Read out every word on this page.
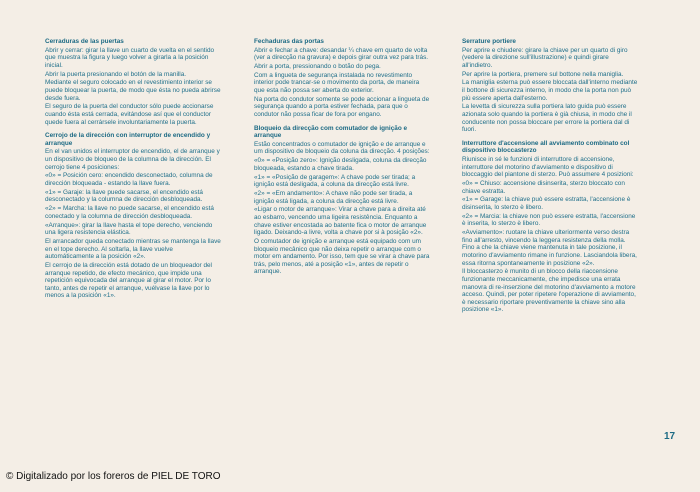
Cerraduras de las puertas
Abrir y cerrar: girar la llave un cuarto de vuelta en el sentido que muestra la figura y luego volver a girarla a la posición inicial.
Abrir la puerta presionando el botón de la manilla.
Mediante el seguro colocado en el revestimiento interior se puede bloquear la puerta, de modo que ésta no pueda abrirse desde fuera.
El seguro de la puerta del conductor sólo puede accionarse cuando ésta está cerrada, evitándose así que el conductor quede fuera al cerrársele involuntariamente la puerta.
Cerrojo de la dirección con interruptor de encendido y arranque
En el van unidos el interruptor de encendido, el de arranque y un dispositivo de bloqueo de la columna de la dirección. El cerrojo tiene 4 posiciones:
«0» = Posición cero: encendido desconectado, columna de dirección bloqueada - estando la llave fuera.
«1» = Garaje: la llave puede sacarse, el encendido está desconectado y la columna de dirección desbloqueada.
«2» = Marcha: la llave no puede sacarse, el encendido está conectado y la columna de dirección desbloqueada.
«Arranque»: girar la llave hasta el tope derecho, venciendo una ligera resistencia elástica.
El arrancador queda conectado mientras se mantenga la llave en el tope derecho. Al soltarla, la llave vuelve automáticamente a la posición «2».
El cerrojo de la dirección está dotado de un bloqueador del arranque repetido, de efecto mecánico, que impide una repetición equivocada del arranque al girar el motor. Por lo tanto, antes de repetir el arranque, vuélvase la llave por lo menos a la posición «1».
Fechaduras das portas
Abrir e fechar a chave: desandar ¼ chave em quarto de volta (ver a direcção na gravura) e depois girar outra vez para trás.
Abrir a porta, pressionando o botão do pega.
Com a lingueta de segurança instalada no revestimento interior pode trancar-se o movimento da porta, de maneira que esta não possa ser aberta do exterior.
Na porta do condutor somente se pode accionar a lingueta de segurança quando a porta estiver fechada, para que o condutor não possa ficar de fora por engano.
Bloqueio da direcção com comutador de ignição e arranque
Estão concentrados o comutador de ignição e de arranque e um dispositivo de bloqueio da coluna da direcção. 4 posições:
«0» = «Posição zero»: Ignição desligada, coluna da direcção bloqueada, estando a chave tirada.
«1» = «Posição de garagem»: A chave pode ser tirada; a ignição está desligada, a coluna da direcção está livre.
«2» = «Em andamento»: A chave não pode ser tirada, a ignição está ligada, a coluna da direcção está livre.
«Ligar o motor de arranque»: Virar a chave para a direita até ao esbarro, vencendo uma ligeira resistência. Enquanto a chave estiver encostada ao batente fica o motor de arranque ligado. Deixando-a livre, volta a chave por si à posição «2».
O comutador de ignição e arranque está equipado com um bloqueio mecânico que não deixa repetir o arranque com o motor em andamento. Por isso, tem que se virar a chave para trás, pelo menos, até a posição «1», antes de repetir o arranque.
Serrature portiere
Per aprire e chiudere: girare la chiave per un quarto di giro (vedere la direzione sull'illustrazione) e quindi girare all'indietro.
Per aprire la portiera, premere sul bottone nella maniglia.
La maniglia esterna può essere bloccata dall'interno mediante il bottone di sicurezza interno, in modo che la porta non può più essere aperta dall'esterno.
La levetta di sicurezza sulla portiera lato guida può essere azionata solo quando la portiera è già chiusa, in modo che il conducente non possa bloccare per errore la portiera dal di fuori.
Interruttore d'accensione all avviamento combinato col dispositivo bloccasterzo
Riunisce in sé le funzioni di interruttore di accensione, interruttore del motorino d'avviamento e dispositivo di bloccaggio del piantone di sterzo. Può assumere 4 posizioni:
«0» = Chiuso: accensione disinserita, sterzo bloccato con chiave estratta.
«1» = Garage: la chiave può essere estratta, l'accensione è disinserita, lo sterzo è libero.
«2» = Marcia: la chiave non può essere estratta, l'accensione è inserita, lo sterzo è libero.
«Avviamento»: ruotare la chiave ulteriormente verso destra fino all'arresto, vincendo la leggera resistenza della molla. Fino a che la chiave viene mantenuta in tale posizione, il motorino d'avviamento rimane in funzione. Lasciandola libera, essa ritorna spontaneamente in posizione «2».
Il bloccasterzo è munito di un blocco della riaccensione funzionante meccanicamente, che impedisce una errata manovra di re-inserzione del motorino d'avviamento a motore acceso. Quindi, per poter ripetere l'operazione di avviamento, è necessario riportare preventivamente la chiave sino alla posizione «1».
17
© Digitalizado por los foreros de PIEL DE TORO
